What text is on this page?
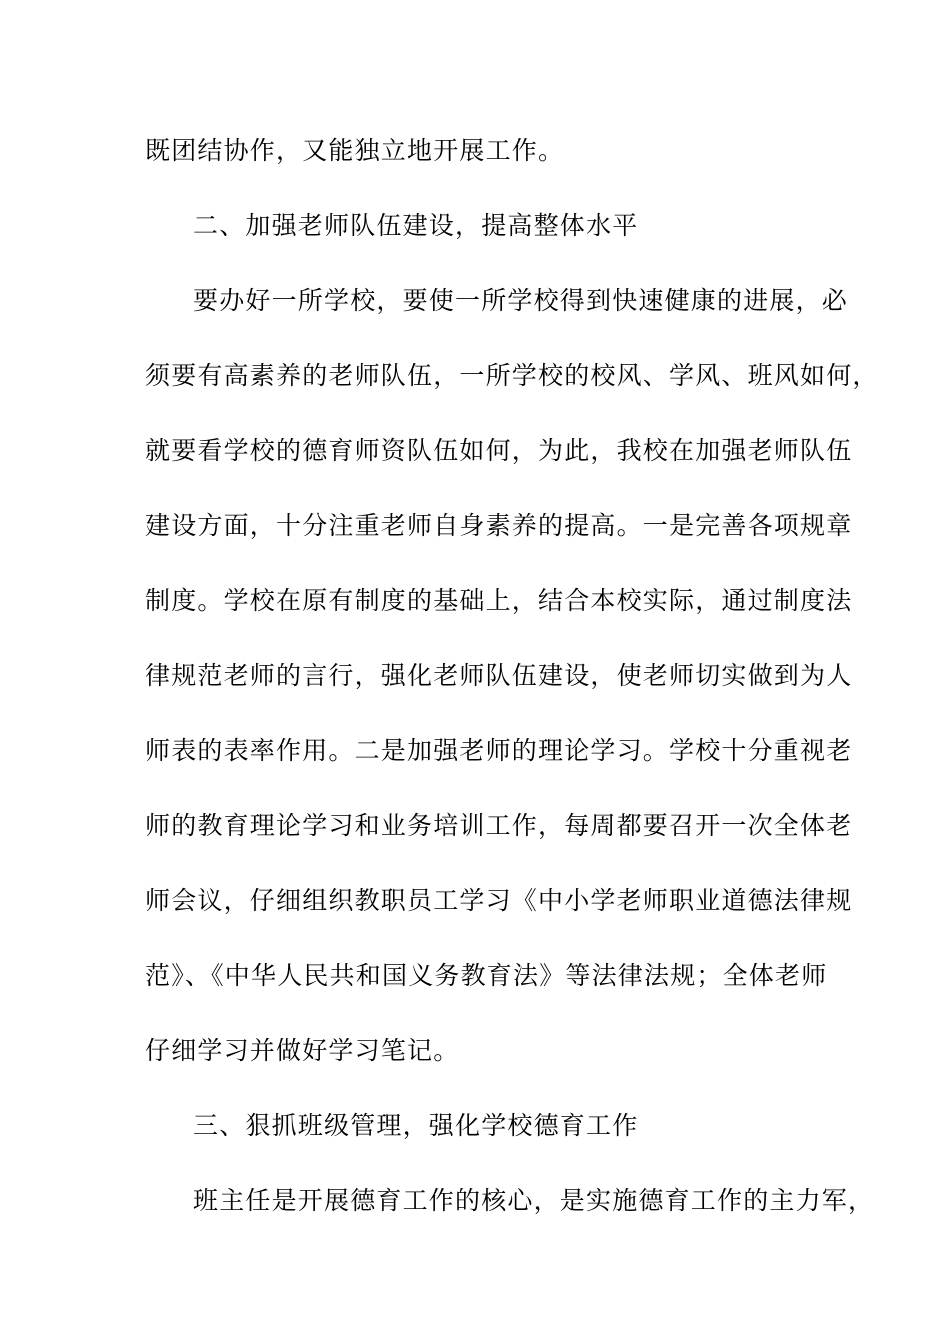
既团结协作，又能独立地开展工作。
二、加强老师队伍建设，提高整体水平
要办好一所学校，要使一所学校得到快速健康的进展，必
须要有高素养的老师队伍，一所学校的校风、学风、班风如何，
就要看学校的德育师资队伍如何，为此，我校在加强老师队伍
建设方面，十分注重老师自身素养的提高。一是完善各项规章
制度。学校在原有制度的基础上，结合本校实际，通过制度法
律规范老师的言行，强化老师队伍建设，使老师切实做到为人
师表的表率作用。二是加强老师的理论学习。学校十分重视老
师的教育理论学习和业务培训工作，每周都要召开一次全体老
师会议，仔细组织教职员工学习《中小学老师职业道德法律规
范》、《中华人民共和国义务教育法》等法律法规；全体老师
仔细学习并做好学习笔记。
三、狠抓班级管理，强化学校德育工作
班主任是开展德育工作的核心，是实施德育工作的主力军，
